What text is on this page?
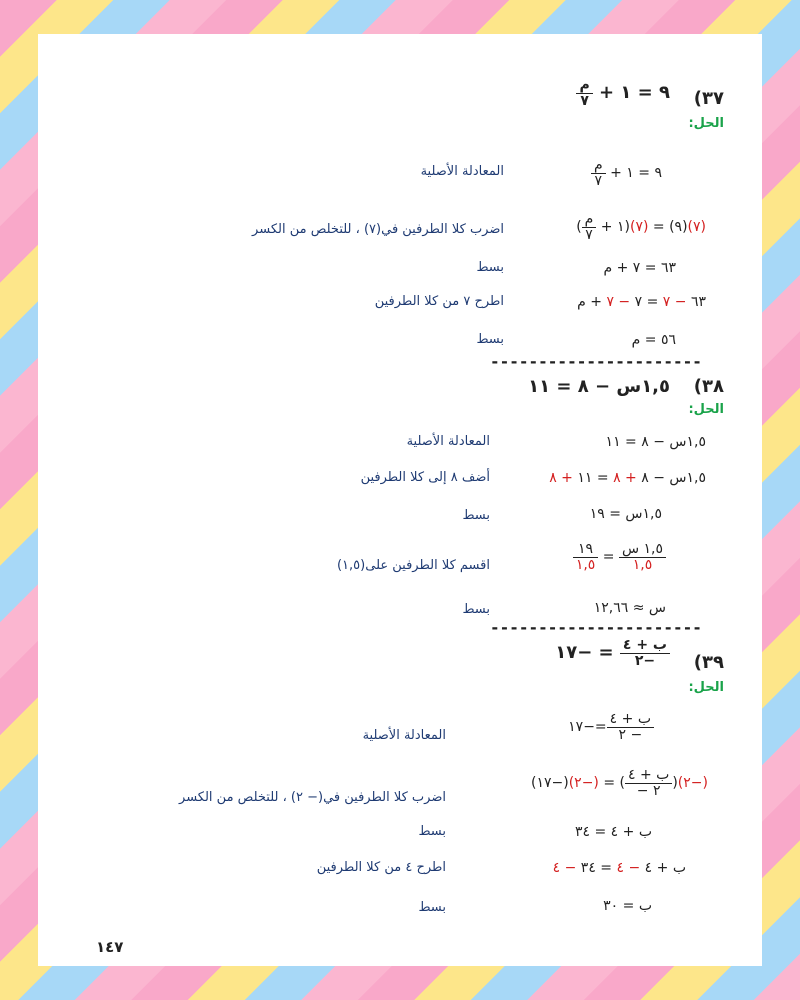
٣٧)
٩ = ١ +
$\frac{\text{م}}{٧}$
الحل:
٩ = ١ +
$\frac{\text{م}}{٧}$
المعادلة الأصلية
(٧)(٩) = (٧)(١ +
$\frac{\text{م}}{٧}$
)
اضرب كلا الطرفين في(٧) ، للتخلص من الكسر
٦٣ = ٧ + م
بسط
٦٣ − ٧ = ٧ − ٧ + م
اطرح ٧ من كلا الطرفين
٥٦ = م
بسط
----------------------
٣٨)
١,٥س − ٨ = ١١
الحل:
١,٥س − ٨ = ١١
المعادلة الأصلية
١,٥س − ٨ + ٨ = ١١ + ٨
أضف ٨ إلى كلا الطرفين
١,٥س = ١٩
بسط
$\frac{\text{١,٥ س}}{١,٥}$
=
$\frac{١٩}{١,٥}$
اقسم كلا الطرفين على(١,٥)
س ≈ ١٢,٦٦
بسط
----------------------
٣٩)
$\frac{\text{ب + ٤}}{-٢}$
= −١٧
الحل:
$\frac{\text{ب + ٤}}{- ٢}$
=−١٧
المعادلة الأصلية
(−٢)(
$\frac{\text{ب + ٤}}{٢ -}$
) = (−٢)(−١٧)
اضرب كلا الطرفين في(− ٢) ، للتخلص من الكسر
ب + ٤ = ٣٤
بسط
ب + ٤ − ٤ = ٣٤ − ٤
اطرح ٤ من كلا الطرفين
ب = ٣٠
بسط
١٤٧
